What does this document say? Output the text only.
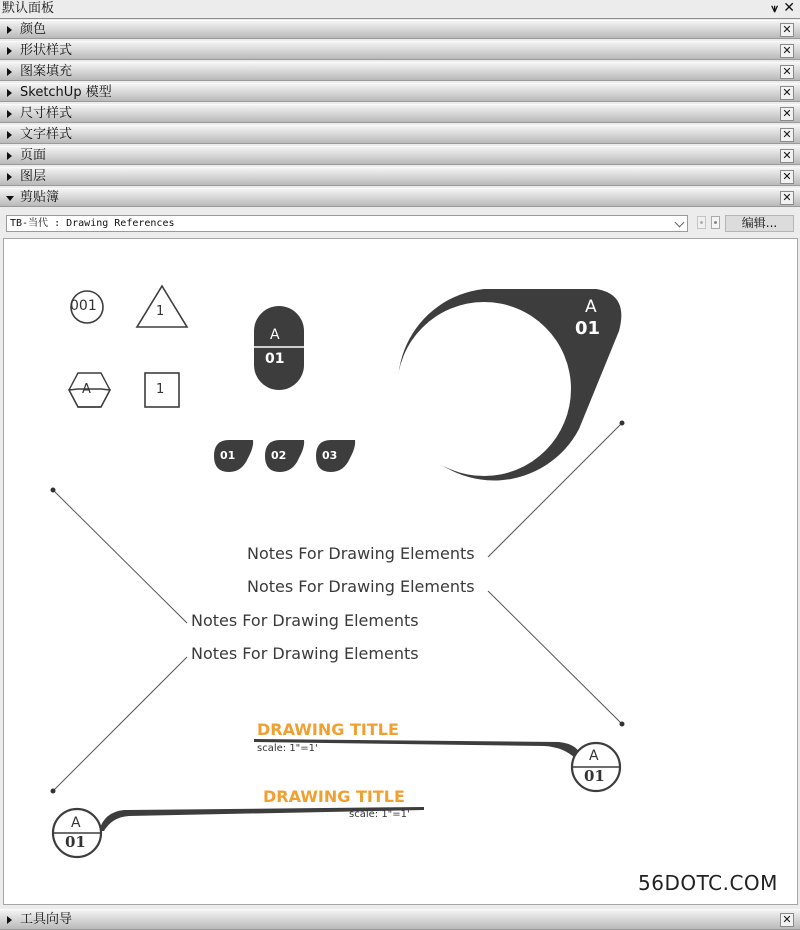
默认面板	⩛ ✕
颜色	✕
形状样式	✕
图案填充	✕
SketchUp 模型	✕
尺寸样式	✕
文字样式	✕
页面	✕
图层	✕
剪贴簿	✕
TB-当代 : Drawing References	编辑...
001	1
A	1
A
01
01	02	03
A
01
Notes For Drawing Elements
Notes For Drawing Elements
Notes For Drawing Elements
Notes For Drawing Elements
DRAWING TITLE
scale: 1"=1'	A
01
DRAWING TITLE
scale: 1"=1'
A
01
56DOTC.COM
工具向导	✕
